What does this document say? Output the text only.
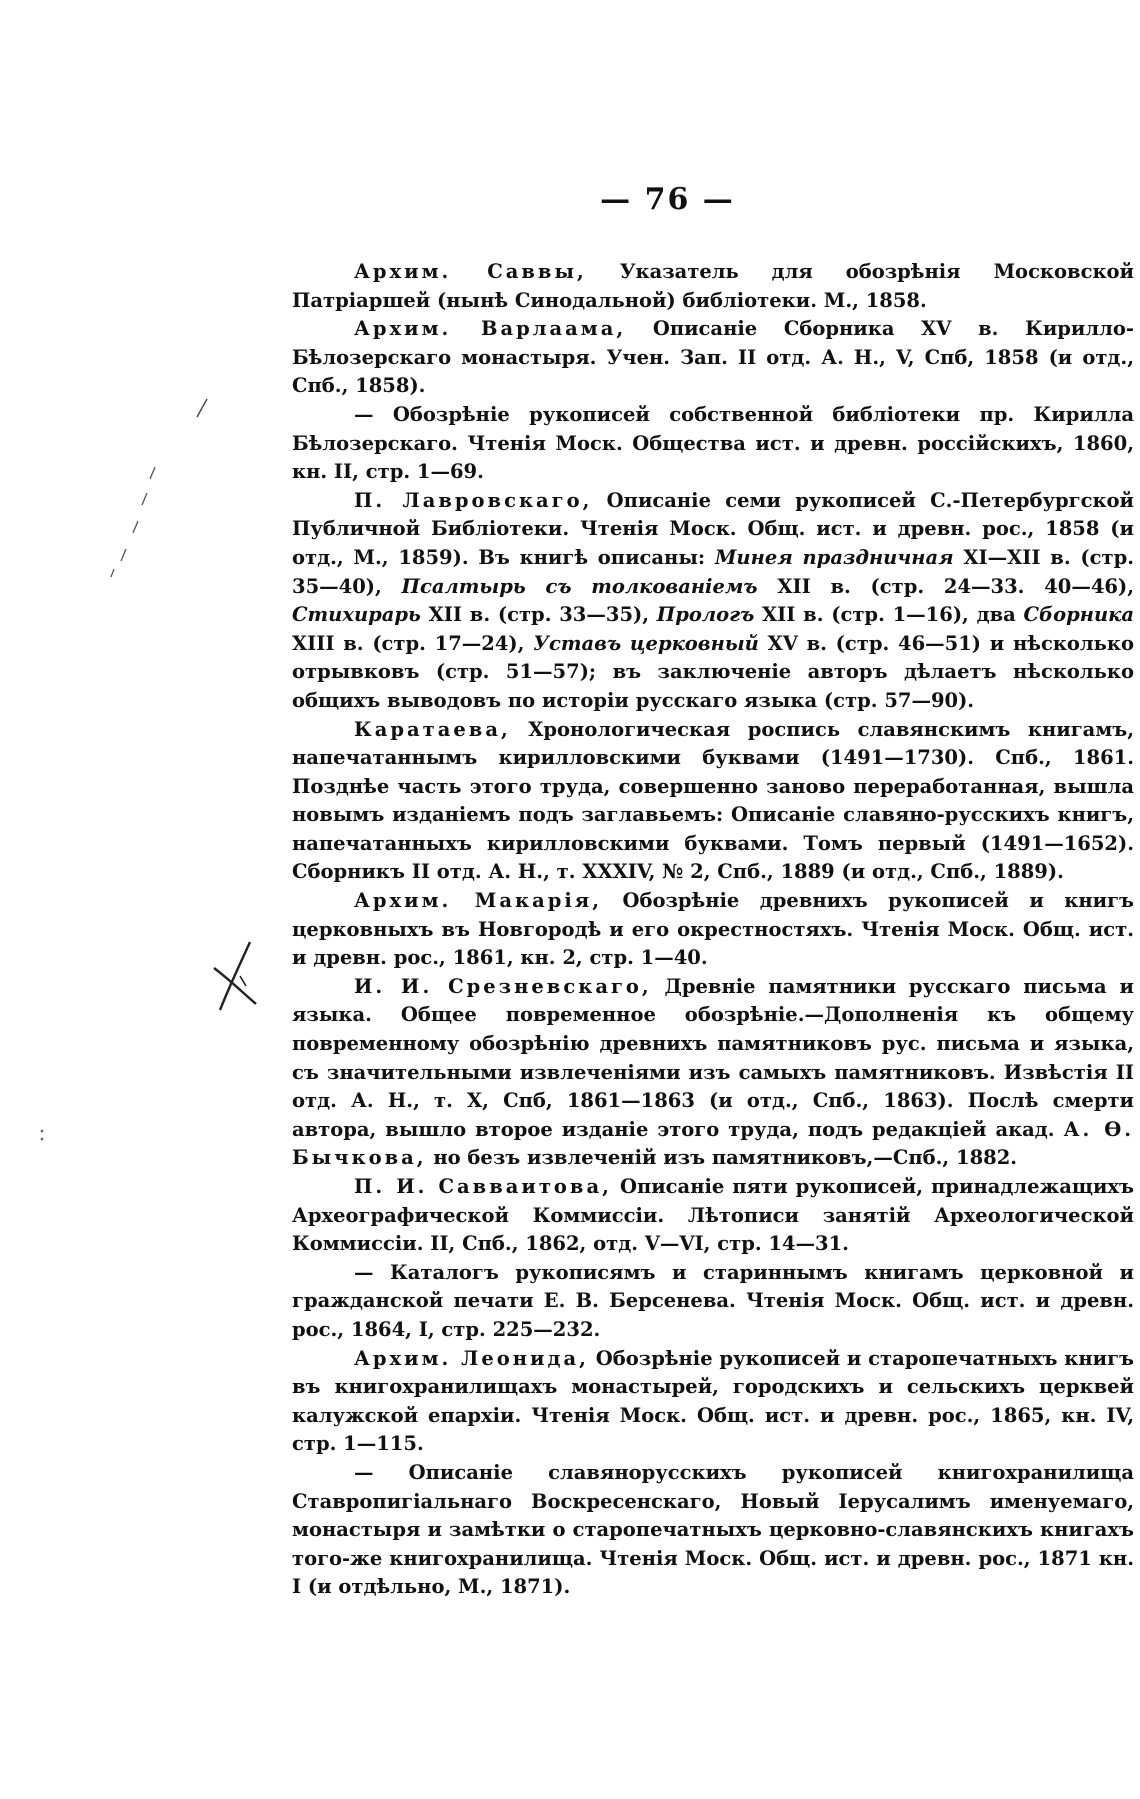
— 76 —

Архим. Саввы, Указатель для обозрѣнія Московской Патріаршей (нынѣ Синодальной) библіотеки. М., 1858.

Архим. Варлаама, Описаніе Сборника XV в. Кирилло-Бѣлозерскаго монастыря. Учен. Зап. II отд. А. Н., V, Спб, 1858 (и отд., Спб., 1858).

— Обозрѣніе рукописей собственной библіотеки пр. Кирилла Бѣлозерскаго. Чтенія Моск. Общества ист. и древн. россійскихъ, 1860, кн. II, стр. 1—69.

П. Лавровскаго, Описаніе семи рукописей С.-Петербургской Публичной Библіотеки. Чтенія Моск. Общ. ист. и древн. рос., 1858 (и отд., М., 1859). Въ книгѣ описаны: Минея праздничная XI—XII в. (стр. 35—40), Псалтырь съ толкованіемъ XII в. (стр. 24—33. 40—46), Стихирарь XII в. (стр. 33—35), Прологъ XII в. (стр. 1—16), два Сборника XIII в. (стр. 17—24), Уставъ церковный XV в. (стр. 46—51) и нѣсколько отрывковъ (стр. 51—57); въ заключеніе авторъ дѣлаетъ нѣсколько общихъ выводовъ по исторіи русскаго языка (стр. 57—90).

Каратаева, Хронологическая роспись славянскимъ книгамъ, напечатаннымъ кирилловскими буквами (1491—1730). Спб., 1861. Позднѣе часть этого труда, совершенно заново переработанная, вышла новымъ изданіемъ подъ заглавьемъ: Описаніе славяно-русскихъ книгъ, напечатанныхъ кирилловскими буквами. Томъ первый (1491—1652). Сборникъ II отд. А. Н., т. XXXIV, № 2, Спб., 1889 (и отд., Спб., 1889).

Архим. Макарія, Обозрѣніе древнихъ рукописей и книгъ церковныхъ въ Новгородѣ и его окрестностяхъ. Чтенія Моск. Общ. ист. и древн. рос., 1861, кн. 2, стр. 1—40.

И. И. Срезневскаго, Древніе памятники русскаго письма и языка. Общее повременное обозрѣніе.—Дополненія къ общему повременному обозрѣнію древнихъ памятниковъ рус. письма и языка, съ значительными извлеченіями изъ самыхъ памятниковъ. Извѣстія II отд. А. Н., т. X, Спб, 1861—1863 (и отд., Спб., 1863). Послѣ смерти автора, вышло второе изданіе этого труда, подъ редакціей акад. А. Ѳ. Бычкова, но безъ извлеченій изъ памятниковъ,—Спб., 1882.

П. И. Савваитова, Описаніе пяти рукописей, принадлежащихъ Археографической Коммиссіи. Лѣтописи занятій Археологической Коммиссіи. II, Спб., 1862, отд. V—VI, стр. 14—31.

— Каталогъ рукописямъ и стариннымъ книгамъ церковной и гражданской печати Е. В. Берсенева. Чтенія Моск. Общ. ист. и древн. рос., 1864, I, стр. 225—232.

Архим. Леонида, Обозрѣніе рукописей и старопечатныхъ книгъ въ книгохранилищахъ монастырей, городскихъ и сельскихъ церквей калужской епархіи. Чтенія Моск. Общ. ист. и древн. рос., 1865, кн. IV, стр. 1—115.

— Описаніе славянорусскихъ рукописей книгохранилища Ставропигіальнаго Воскресенскаго, Новый Іерусалимъ именуемаго, монастыря и замѣтки о старопечатныхъ церковно-славянскихъ книгахъ того-же книгохранилища. Чтенія Моск. Общ. ист. и древн. рос., 1871 кн. I (и отдѣльно, М., 1871).
